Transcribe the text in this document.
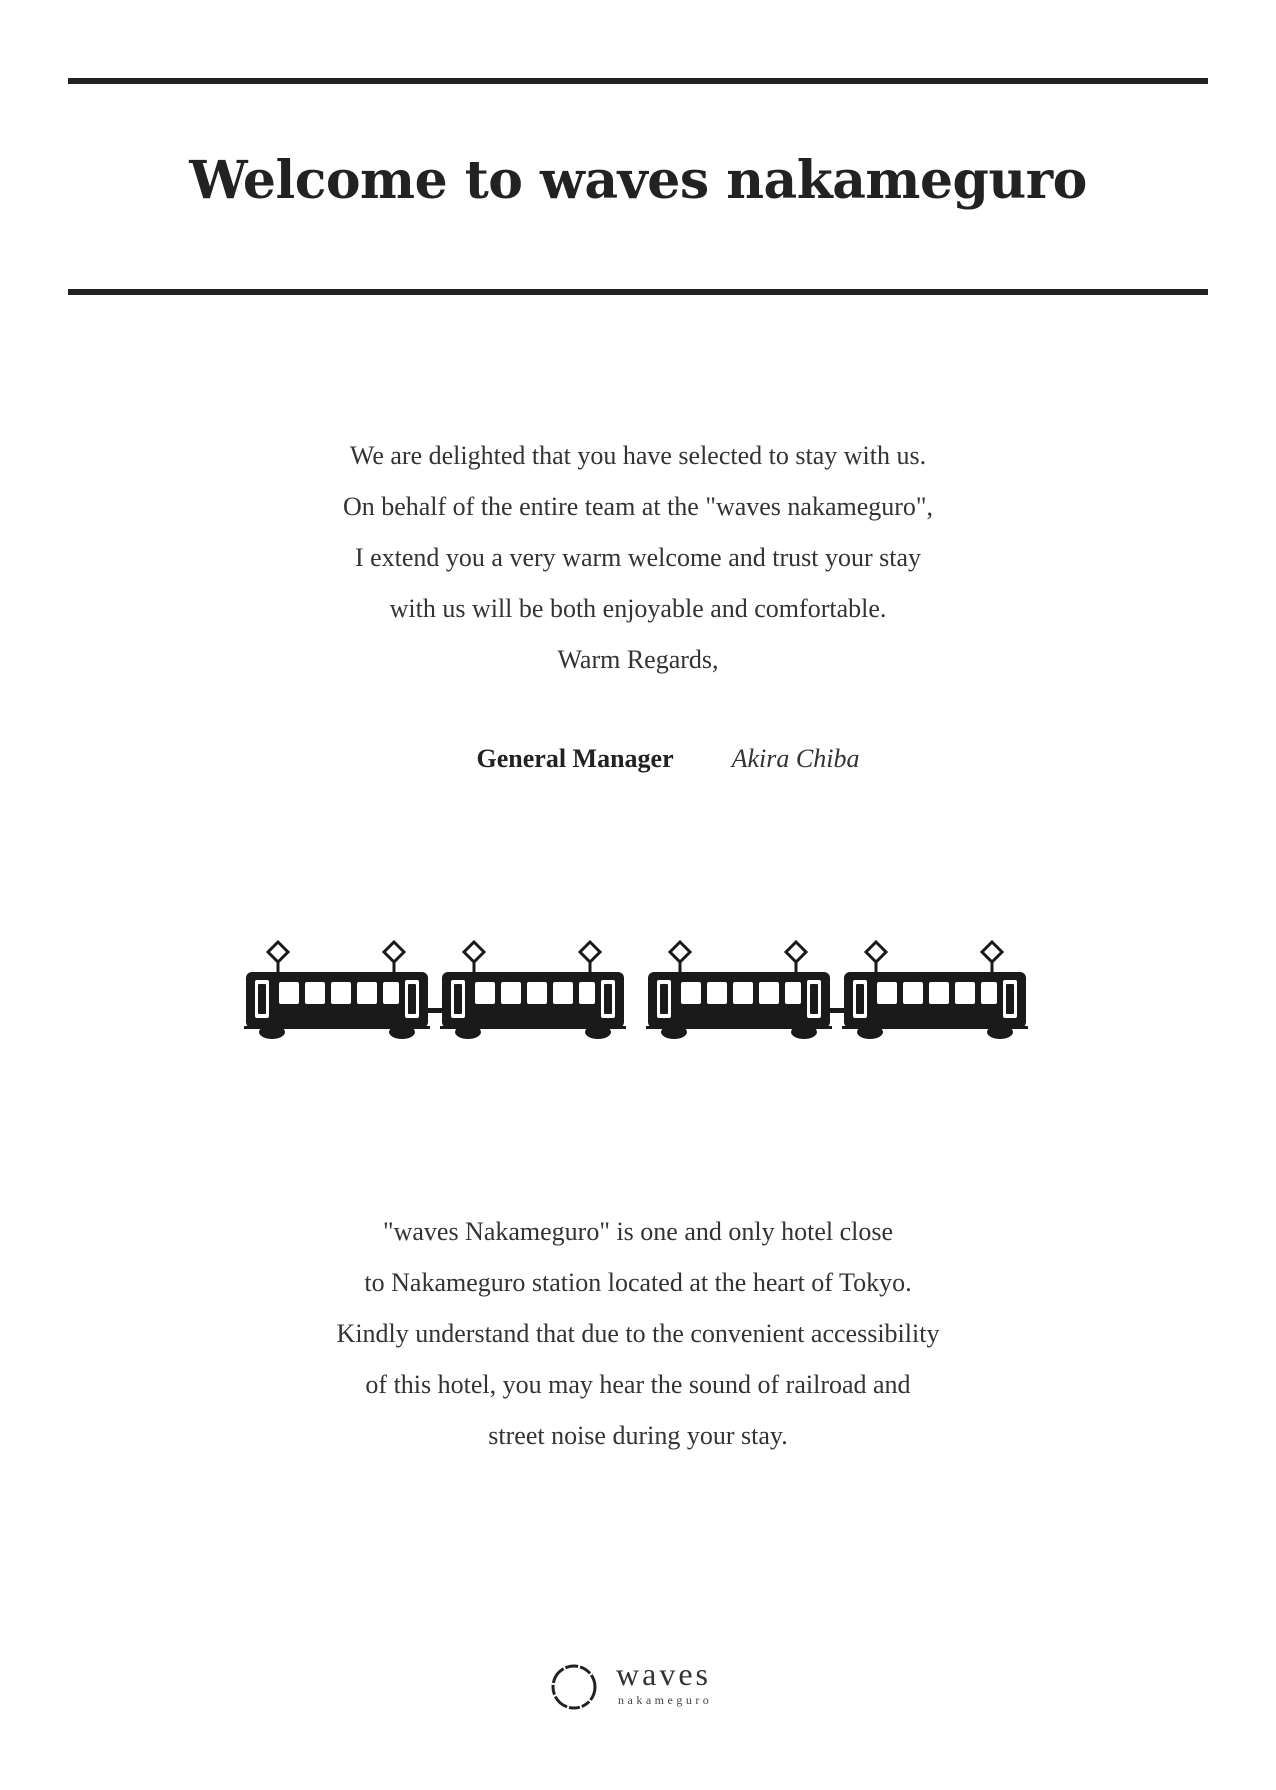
Welcome to waves nakameguro
We are delighted that you have selected to stay with us.
On behalf of the entire team at the "waves nakameguro",
I extend you a very warm welcome and trust your stay
with us will be both enjoyable and comfortable.
Warm Regards,
General Manager Akira Chiba
"waves Nakameguro" is one and only hotel close
to Nakameguro station located at the heart of Tokyo.
Kindly understand that due to the convenient accessibility
of this hotel, you may hear the sound of railroad and
street noise during your stay.
waves
nakameguro
